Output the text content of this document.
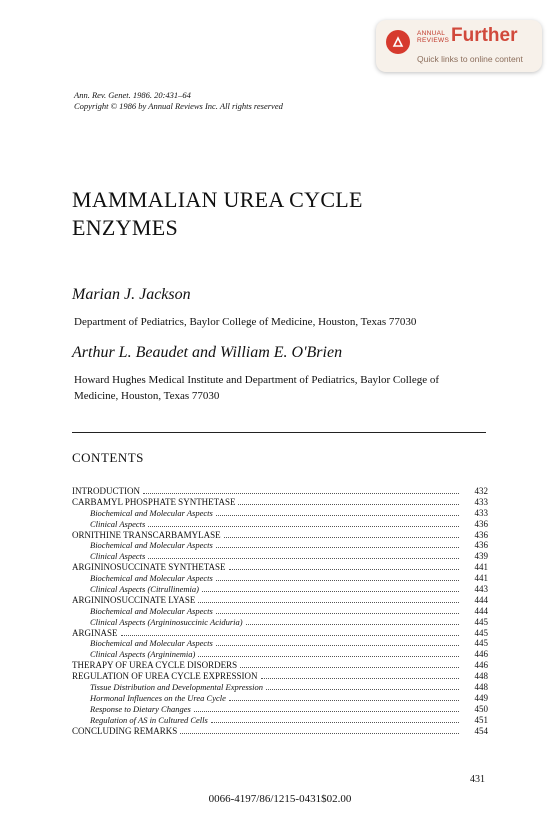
ANNUAL
REVIEWS Further
Quick links to online content
Ann. Rev. Genet. 1986. 20:431–64
Copyright © 1986 by Annual Reviews Inc. All rights reserved
MAMMALIAN UREA CYCLE
ENZYMES
Marian J. Jackson
Department of Pediatrics, Baylor College of Medicine, Houston, Texas 77030
Arthur L. Beaudet and William E. O'Brien
Howard Hughes Medical Institute and Department of Pediatrics, Baylor College of Medicine, Houston, Texas 77030
CONTENTS
INTRODUCTION	432
CARBAMYL PHOSPHATE SYNTHETASE	433
Biochemical and Molecular Aspects	433
Clinical Aspects	436
ORNITHINE TRANSCARBAMYLASE	436
Biochemical and Molecular Aspects	436
Clinical Aspects	439
ARGININOSUCCINATE SYNTHETASE	441
Biochemical and Molecular Aspects	441
Clinical Aspects (Citrullinemia)	443
ARGININOSUCCINATE LYASE	444
Biochemical and Molecular Aspects	444
Clinical Aspects (Argininosuccinic Aciduria)	445
ARGINASE	445
Biochemical and Molecular Aspects	445
Clinical Aspects (Argininemia)	446
THERAPY OF UREA CYCLE DISORDERS	446
REGULATION OF UREA CYCLE EXPRESSION	448
Tissue Distribution and Developmental Expression	448
Hormonal Influences on the Urea Cycle	449
Response to Dietary Changes	450
Regulation of AS in Cultured Cells	451
CONCLUDING REMARKS	454
431
0066-4197/86/1215-0431$02.00
